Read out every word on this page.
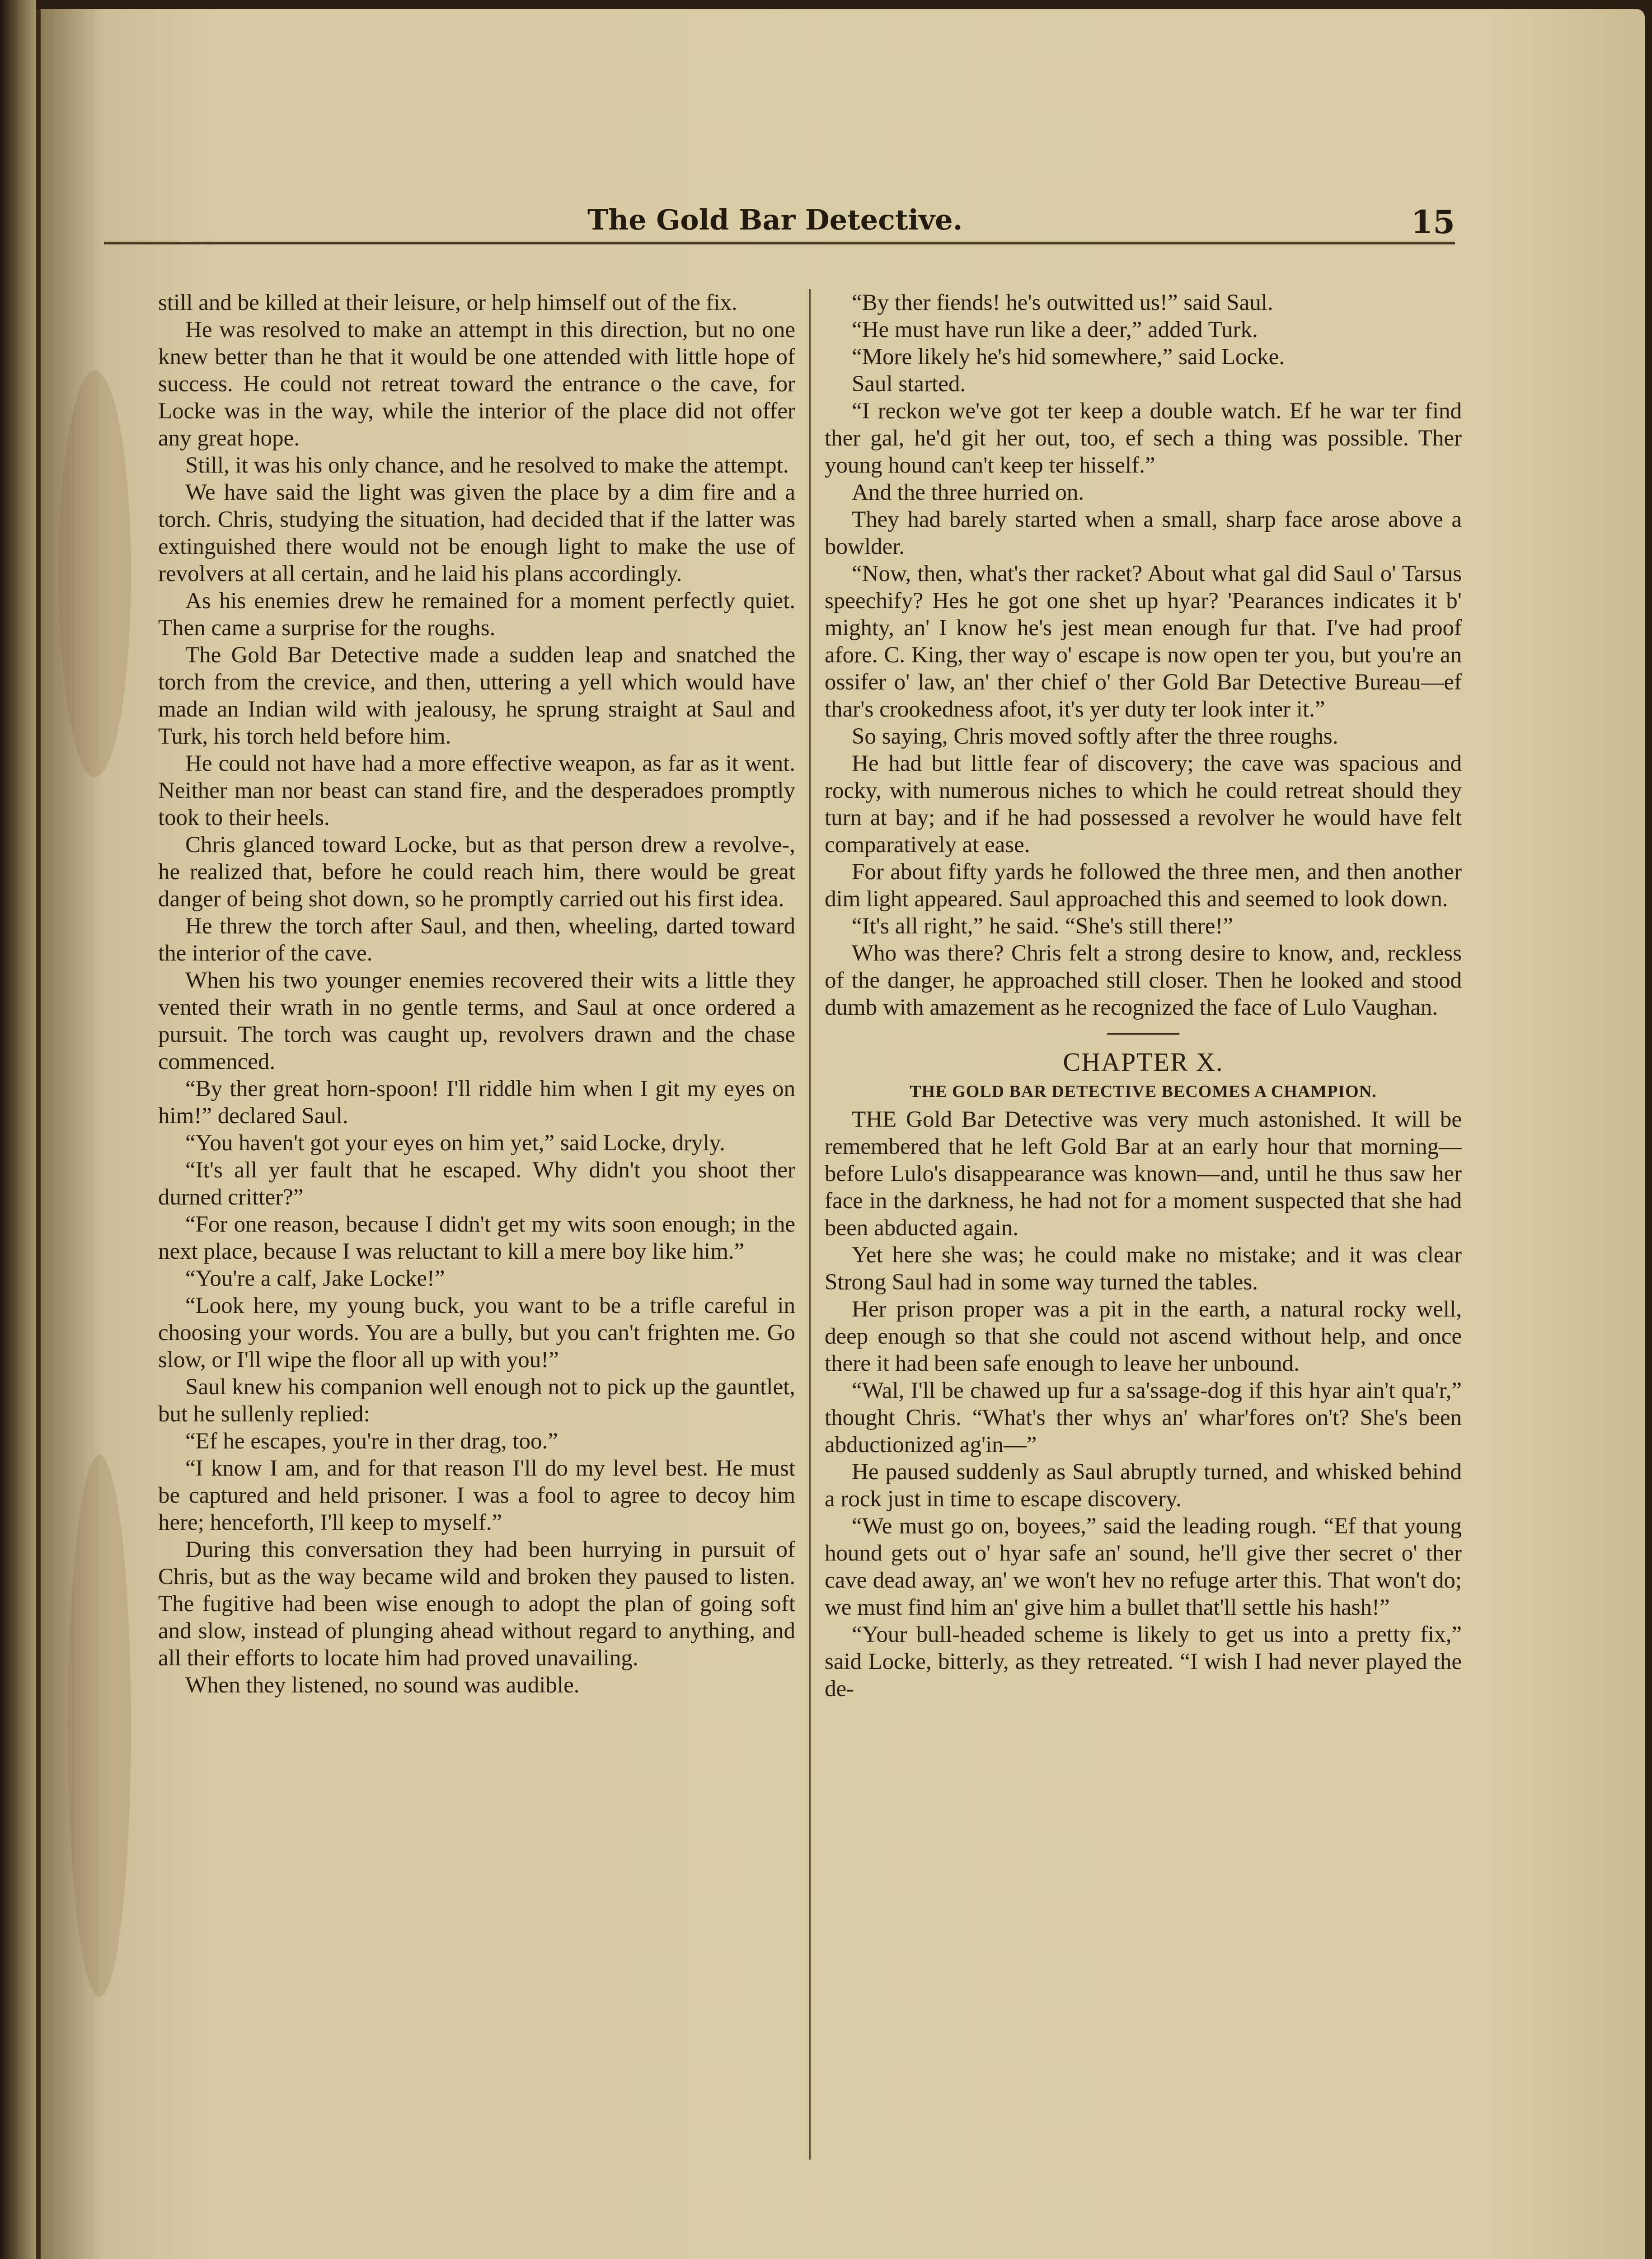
The Gold Bar Detective.	15

still and be killed at their leisure, or help himself out of the fix.

He was resolved to make an attempt in this direction, but no one knew better than he that it would be one attended with little hope of success. He could not retreat toward the entrance o the cave, for Locke was in the way, while the interior of the place did not offer any great hope.

Still, it was his only chance, and he resolved to make the attempt.

We have said the light was given the place by a dim fire and a torch. Chris, studying the situation, had decided that if the latter was extinguished there would not be enough light to make the use of revolvers at all certain, and he laid his plans accordingly.

As his enemies drew he remained for a moment perfectly quiet. Then came a surprise for the roughs.

The Gold Bar Detective made a sudden leap and snatched the torch from the crevice, and then, uttering a yell which would have made an Indian wild with jealousy, he sprung straight at Saul and Turk, his torch held before him.

He could not have had a more effective weapon, as far as it went. Neither man nor beast can stand fire, and the desperadoes promptly took to their heels.

Chris glanced toward Locke, but as that person drew a revolve-, he realized that, before he could reach him, there would be great danger of being shot down, so he promptly carried out his first idea.

He threw the torch after Saul, and then, wheeling, darted toward the interior of the cave.

When his two younger enemies recovered their wits a little they vented their wrath in no gentle terms, and Saul at once ordered a pursuit. The torch was caught up, revolvers drawn and the chase commenced.

“By ther great horn-spoon! I'll riddle him when I git my eyes on him!” declared Saul.

“You haven't got your eyes on him yet,” said Locke, dryly.

“It's all yer fault that he escaped. Why didn't you shoot ther durned critter?”

“For one reason, because I didn't get my wits soon enough; in the next place, because I was reluctant to kill a mere boy like him.”

“You're a calf, Jake Locke!”

“Look here, my young buck, you want to be a trifle careful in choosing your words. You are a bully, but you can't frighten me. Go slow, or I'll wipe the floor all up with you!”

Saul knew his companion well enough not to pick up the gauntlet, but he sullenly replied:

“Ef he escapes, you're in ther drag, too.”

“I know I am, and for that reason I'll do my level best. He must be captured and held prisoner. I was a fool to agree to decoy him here; henceforth, I'll keep to myself.”

During this conversation they had been hurrying in pursuit of Chris, but as the way became wild and broken they paused to listen. The fugitive had been wise enough to adopt the plan of going soft and slow, instead of plunging ahead without regard to anything, and all their efforts to locate him had proved unavailing.

When they listened, no sound was audible.

“By ther fiends! he's outwitted us!” said Saul.

“He must have run like a deer,” added Turk.

“More likely he's hid somewhere,” said Locke.

Saul started.

“I reckon we've got ter keep a double watch. Ef he war ter find ther gal, he'd git her out, too, ef sech a thing was possible. Ther young hound can't keep ter hisself.”

And the three hurried on.

They had barely started when a small, sharp face arose above a bowlder.

“Now, then, what's ther racket? About what gal did Saul o' Tarsus speechify? Hes he got one shet up hyar? 'Pearances indicates it b' mighty, an' I know he's jest mean enough fur that. I've had proof afore. C. King, ther way o' escape is now open ter you, but you're an ossifer o' law, an' ther chief o' ther Gold Bar Detective Bureau—ef thar's crookedness afoot, it's yer duty ter look inter it.”

So saying, Chris moved softly after the three roughs.

He had but little fear of discovery; the cave was spacious and rocky, with numerous niches to which he could retreat should they turn at bay; and if he had possessed a revolver he would have felt comparatively at ease.

For about fifty yards he followed the three men, and then another dim light appeared. Saul approached this and seemed to look down.

“It's all right,” he said. “She's still there!”

Who was there? Chris felt a strong desire to know, and, reckless of the danger, he approached still closer. Then he looked and stood dumb with amazement as he recognized the face of Lulo Vaughan.

CHAPTER X.
THE GOLD BAR DETECTIVE BECOMES A CHAMPION.

THE Gold Bar Detective was very much astonished. It will be remembered that he left Gold Bar at an early hour that morning—before Lulo's disappearance was known—and, until he thus saw her face in the darkness, he had not for a moment suspected that she had been abducted again.

Yet here she was; he could make no mistake; and it was clear Strong Saul had in some way turned the tables.

Her prison proper was a pit in the earth, a natural rocky well, deep enough so that she could not ascend without help, and once there it had been safe enough to leave her unbound.

“Wal, I'll be chawed up fur a sa'ssage-dog if this hyar ain't qua'r,” thought Chris. “What's ther whys an' whar'fores on't? She's been abductionized ag'in—”

He paused suddenly as Saul abruptly turned, and whisked behind a rock just in time to escape discovery.

“We must go on, boyees,” said the leading rough. “Ef that young hound gets out o' hyar safe an' sound, he'll give ther secret o' ther cave dead away, an' we won't hev no refuge arter this. That won't do; we must find him an' give him a bullet that'll settle his hash!”

“Your bull-headed scheme is likely to get us into a pretty fix,” said Locke, bitterly, as they retreated. “I wish I had never played the de-
